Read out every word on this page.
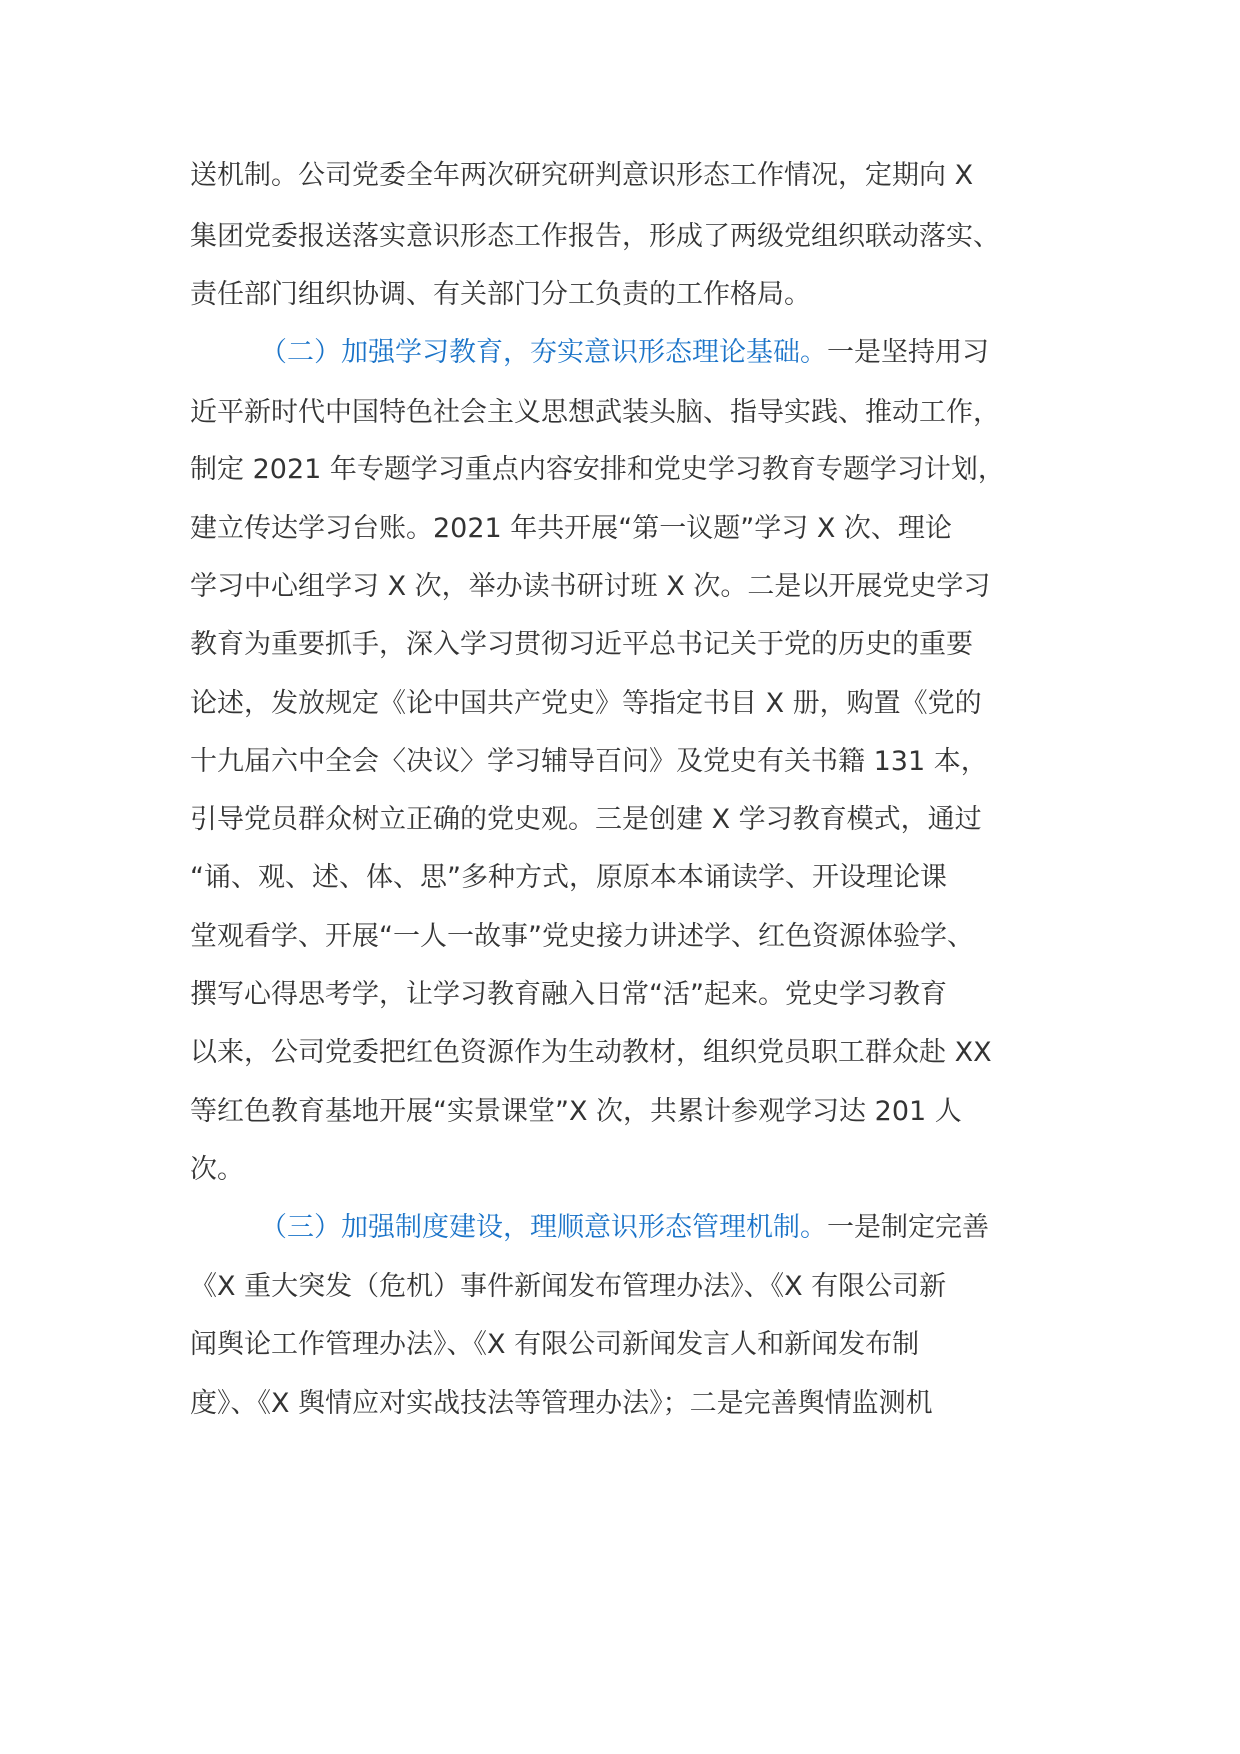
送机制。公司党委全年两次研究研判意识形态工作情况，定期向 X

集团党委报送落实意识形态工作报告，形成了两级党组织联动落实、

责任部门组织协调、有关部门分工负责的工作格局。

（二）加强学习教育，夯实意识形态理论基础。一是坚持用习

近平新时代中国特色社会主义思想武装头脑、指导实践、推动工作，

制定 2021 年专题学习重点内容安排和党史学习教育专题学习计划，

建立传达学习台账。2021 年共开展“第一议题”学习 X 次、理论

学习中心组学习 X 次，举办读书研讨班 X 次。二是以开展党史学习

教育为重要抓手，深入学习贯彻习近平总书记关于党的历史的重要

论述，发放规定《论中国共产党史》等指定书目 X 册，购置《党的

十九届六中全会〈决议〉学习辅导百问》及党史有关书籍 131 本，

引导党员群众树立正确的党史观。三是创建 X 学习教育模式，通过

“诵、观、述、体、思”多种方式，原原本本诵读学、开设理论课

堂观看学、开展“一人一故事”党史接力讲述学、红色资源体验学、

撰写心得思考学，让学习教育融入日常“活”起来。党史学习教育

以来，公司党委把红色资源作为生动教材，组织党员职工群众赴 XX

等红色教育基地开展“实景课堂”X 次，共累计参观学习达 201 人

次。

（三）加强制度建设，理顺意识形态管理机制。一是制定完善

《X 重大突发（危机）事件新闻发布管理办法》、《X 有限公司新

闻舆论工作管理办法》、《X 有限公司新闻发言人和新闻发布制

度》、《X 舆情应对实战技法等管理办法》；二是完善舆情监测机
